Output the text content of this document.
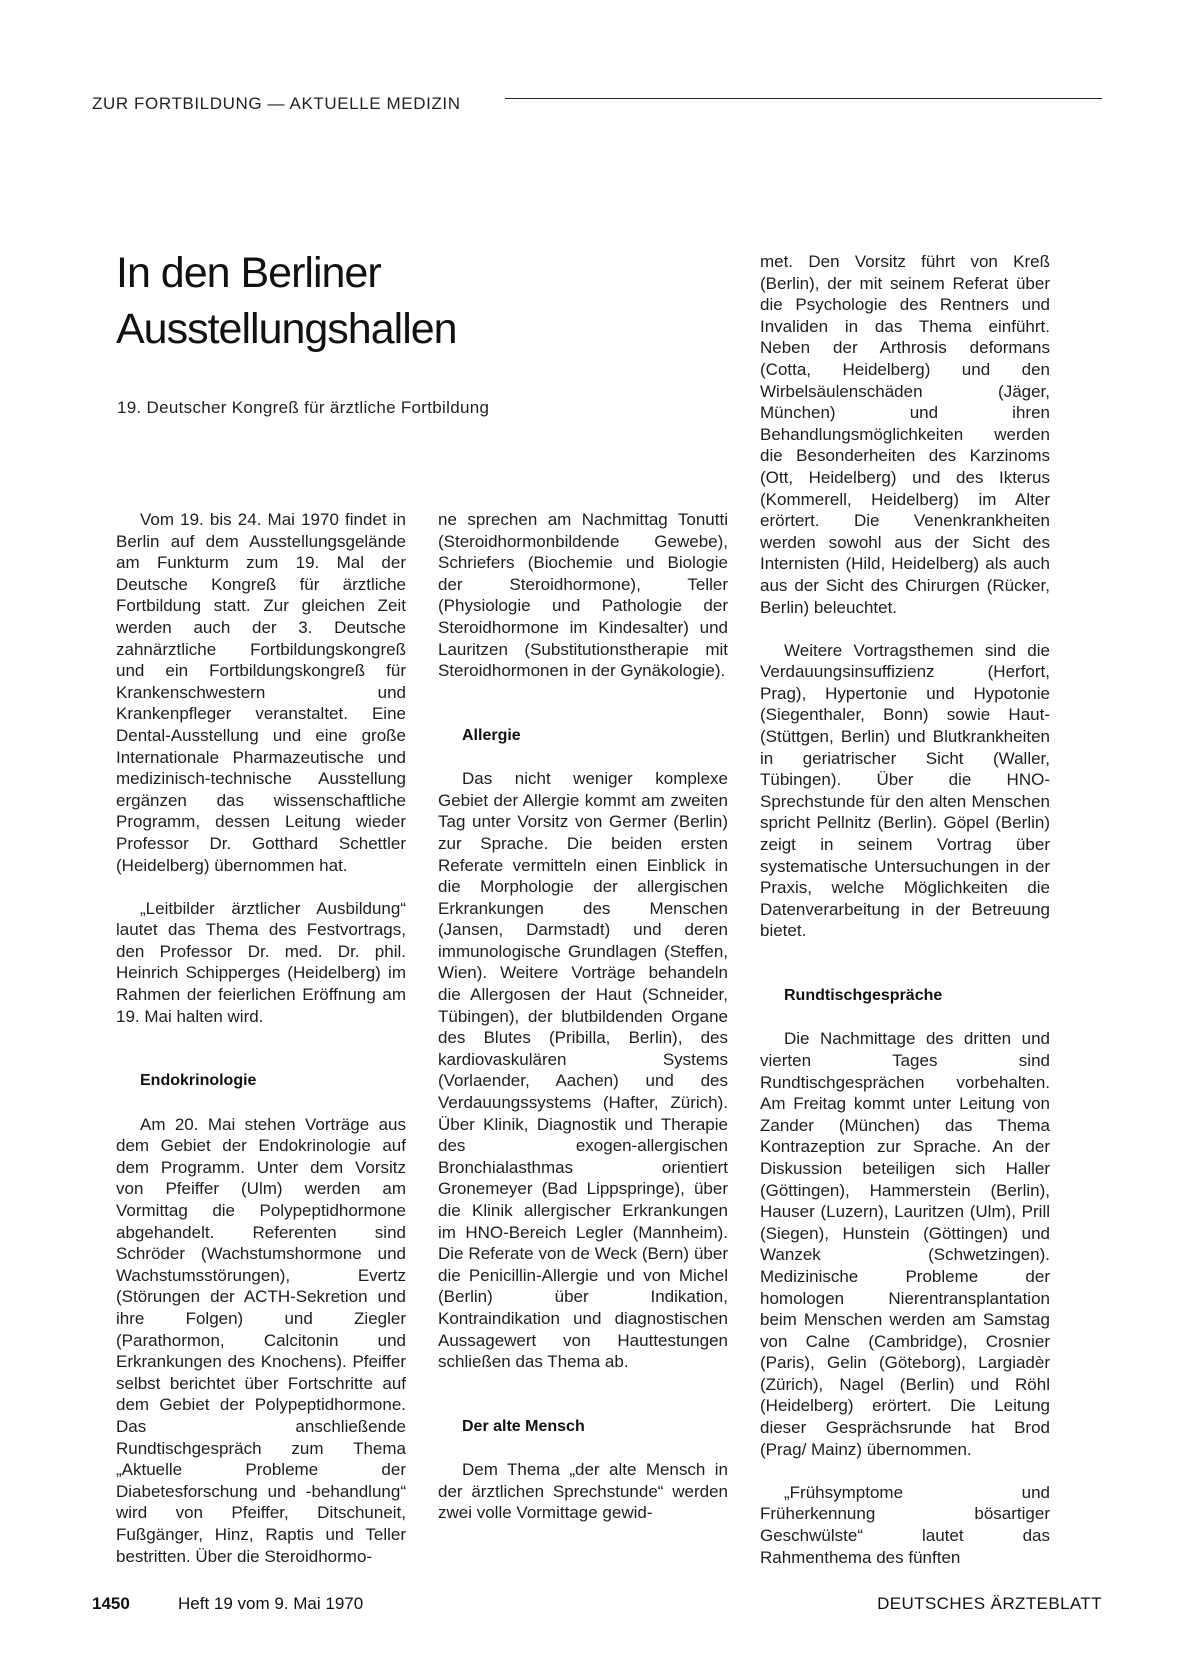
ZUR FORTBILDUNG — AKTUELLE MEDIZIN
In den Berliner
Ausstellungshallen

19. Deutscher Kongreß für ärztliche Fortbildung

Vom 19. bis 24. Mai 1970 findet in Berlin auf dem Ausstellungsgelände am Funkturm zum 19. Mal der Deutsche Kongreß für ärztliche Fortbildung statt. Zur gleichen Zeit werden auch der 3. Deutsche zahnärztliche Fortbildungskongreß und ein Fortbildungskongreß für Krankenschwestern und Krankenpfleger veranstaltet. Eine Dental-Ausstellung und eine große Internationale Pharmazeutische und medizinisch-technische Ausstellung ergänzen das wissenschaftliche Programm, dessen Leitung wieder Professor Dr. Gotthard Schettler (Heidelberg) übernommen hat.

„Leitbilder ärztlicher Ausbildung“ lautet das Thema des Festvortrags, den Professor Dr. med. Dr. phil. Heinrich Schipperges (Heidelberg) im Rahmen der feierlichen Eröffnung am 19. Mai halten wird.

Endokrinologie

Am 20. Mai stehen Vorträge aus dem Gebiet der Endokrinologie auf dem Programm. Unter dem Vorsitz von Pfeiffer (Ulm) werden am Vormittag die Polypeptidhormone abgehandelt. Referenten sind Schröder (Wachstumshormone und Wachstumsstörungen), Evertz (Störungen der ACTH-Sekretion und ihre Folgen) und Ziegler (Parathormon, Calcitonin und Erkrankungen des Knochens). Pfeiffer selbst berichtet über Fortschritte auf dem Gebiet der Polypeptidhormone. Das anschließende Rundtischgespräch zum Thema „Aktuelle Probleme der Diabetesforschung und -behandlung“ wird von Pfeiffer, Ditschuneit, Fußgänger, Hinz, Raptis und Teller bestritten. Über die Steroidhormo-

ne sprechen am Nachmittag Tonutti (Steroidhormonbildende Gewebe), Schriefers (Biochemie und Biologie der Steroidhormone), Teller (Physiologie und Pathologie der Steroidhormone im Kindesalter) und Lauritzen (Substitutionstherapie mit Steroidhormonen in der Gynäkologie).

Allergie

Das nicht weniger komplexe Gebiet der Allergie kommt am zweiten Tag unter Vorsitz von Germer (Berlin) zur Sprache. Die beiden ersten Referate vermitteln einen Einblick in die Morphologie der allergischen Erkrankungen des Menschen (Jansen, Darmstadt) und deren immunologische Grundlagen (Steffen, Wien). Weitere Vorträge behandeln die Allergosen der Haut (Schneider, Tübingen), der blutbildenden Organe des Blutes (Pribilla, Berlin), des kardiovaskulären Systems (Vorlaender, Aachen) und des Verdauungssystems (Hafter, Zürich). Über Klinik, Diagnostik und Therapie des exogen-allergischen Bronchialasthmas orientiert Gronemeyer (Bad Lippspringe), über die Klinik allergischer Erkrankungen im HNO-Bereich Legler (Mannheim). Die Referate von de Weck (Bern) über die Penicillin-Allergie und von Michel (Berlin) über Indikation, Kontraindikation und diagnostischen Aussagewert von Hauttestungen schließen das Thema ab.

Der alte Mensch

Dem Thema „der alte Mensch in der ärztlichen Sprechstunde“ werden zwei volle Vormittage gewid-

met. Den Vorsitz führt von Kreß (Berlin), der mit seinem Referat über die Psychologie des Rentners und Invaliden in das Thema einführt. Neben der Arthrosis deformans (Cotta, Heidelberg) und den Wirbelsäulenschäden (Jäger, München) und ihren Behandlungsmöglichkeiten werden die Besonderheiten des Karzinoms (Ott, Heidelberg) und des Ikterus (Kommerell, Heidelberg) im Alter erörtert. Die Venenkrankheiten werden sowohl aus der Sicht des Internisten (Hild, Heidelberg) als auch aus der Sicht des Chirurgen (Rücker, Berlin) beleuchtet.

Weitere Vortragsthemen sind die Verdauungsinsuffizienz (Herfort, Prag), Hypertonie und Hypotonie (Siegenthaler, Bonn) sowie Haut- (Stüttgen, Berlin) und Blutkrankheiten in geriatrischer Sicht (Waller, Tübingen). Über die HNO-Sprechstunde für den alten Menschen spricht Pellnitz (Berlin). Göpel (Berlin) zeigt in seinem Vortrag über systematische Untersuchungen in der Praxis, welche Möglichkeiten die Datenverarbeitung in der Betreuung bietet.

Rundtischgespräche

Die Nachmittage des dritten und vierten Tages sind Rundtischgesprächen vorbehalten. Am Freitag kommt unter Leitung von Zander (München) das Thema Kontrazeption zur Sprache. An der Diskussion beteiligen sich Haller (Göttingen), Hammerstein (Berlin), Hauser (Luzern), Lauritzen (Ulm), Prill (Siegen), Hunstein (Göttingen) und Wanzek (Schwetzingen). Medizinische Probleme der homologen Nierentransplantation beim Menschen werden am Samstag von Calne (Cambridge), Crosnier (Paris), Gelin (Göteborg), Largiadèr (Zürich), Nagel (Berlin) und Röhl (Heidelberg) erörtert. Die Leitung dieser Gesprächsrunde hat Brod (Prag/ Mainz) übernommen.

„Frühsymptome und Früherkennung bösartiger Geschwülste“ lautet das Rahmenthema des fünften

1450	Heft 19 vom 9. Mai 1970	DEUTSCHES ÄRZTEBLATT
